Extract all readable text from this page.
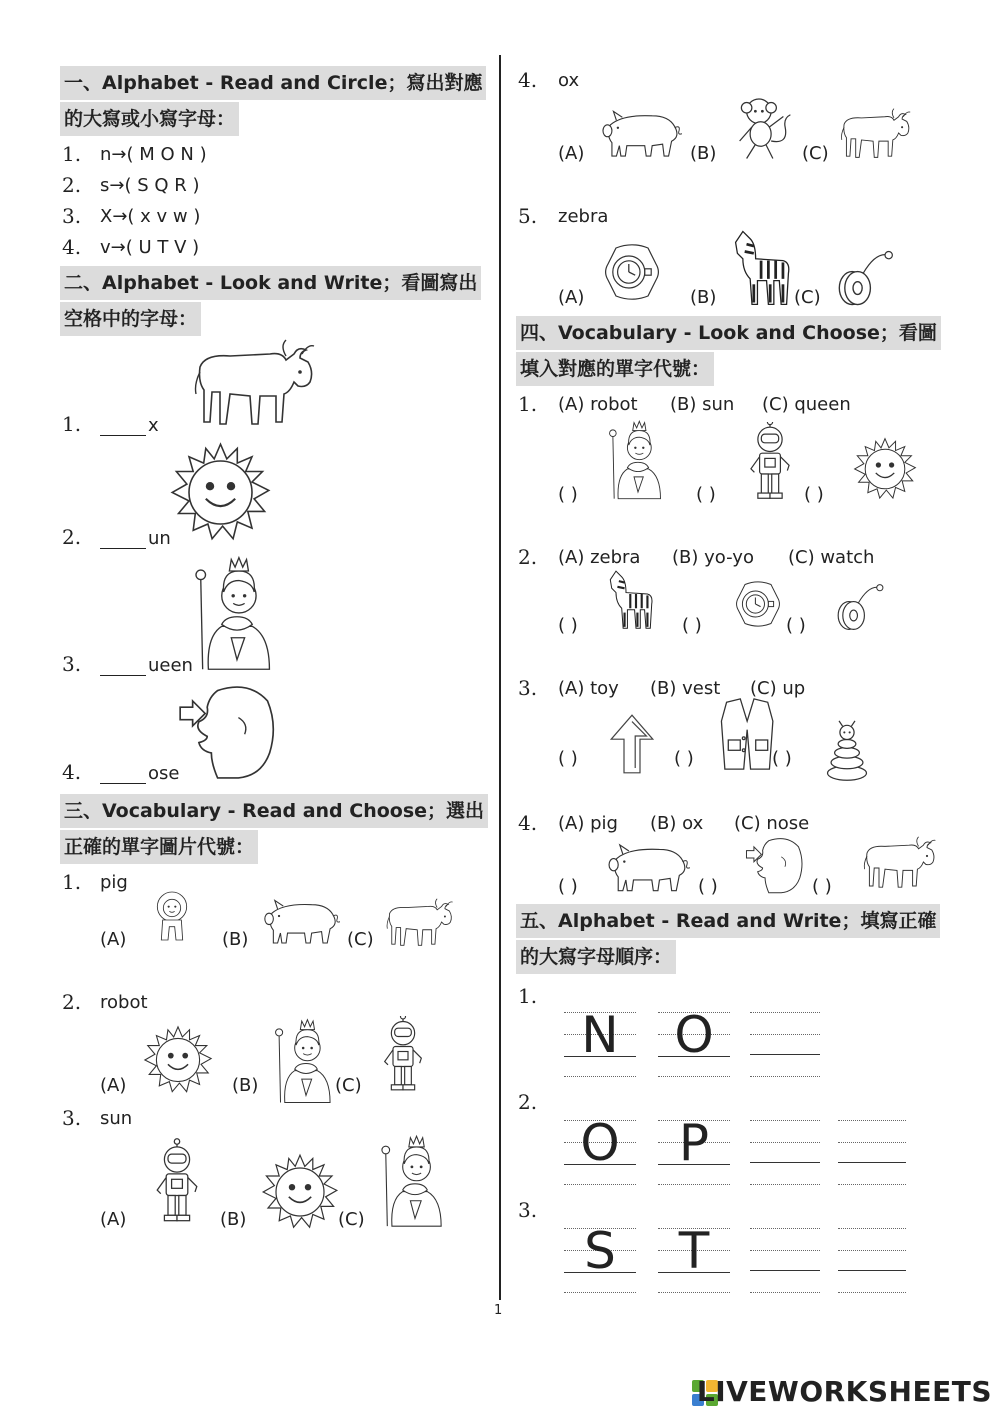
一、Alphabet - Read and Circle；寫出對應
的大寫或小寫字母：
1. n→( M O N )
2. s→( S Q R )
3. X→( x v w )
4. v→( U T V )
二、Alphabet - Look and Write；看圖寫出
空格中的字母：
1.	x
2.	un
3.	ueen
4.	ose
三、Vocabulary - Read and Choose；選出
正確的單字圖片代號：
1. pig
(A)	(B)	(C)
2. robot
(A)	(B)	(C)
3. sun
(A)	(B)	(C)
4. ox
(A)	(B)	(C)
5. zebra
(A)	(B)	(C)
四、Vocabulary - Look and Choose；看圖
填入對應的單字代號：
1. (A) robot (B) sun (C) queen
( )	( )	( )
2. (A) zebra (B) yo-yo (C) watch
( )	( )	( )
3. (A) toy (B) vest (C) up
( )	( )	( )
4. (A) pig (B) ox (C) nose
( )	( )	( )
五、Alphabet - Read and Write；填寫正確
的大寫字母順序：
1.
N	O
2.
O	P
3.
S	T
1
LIVEWORKSHEETS
